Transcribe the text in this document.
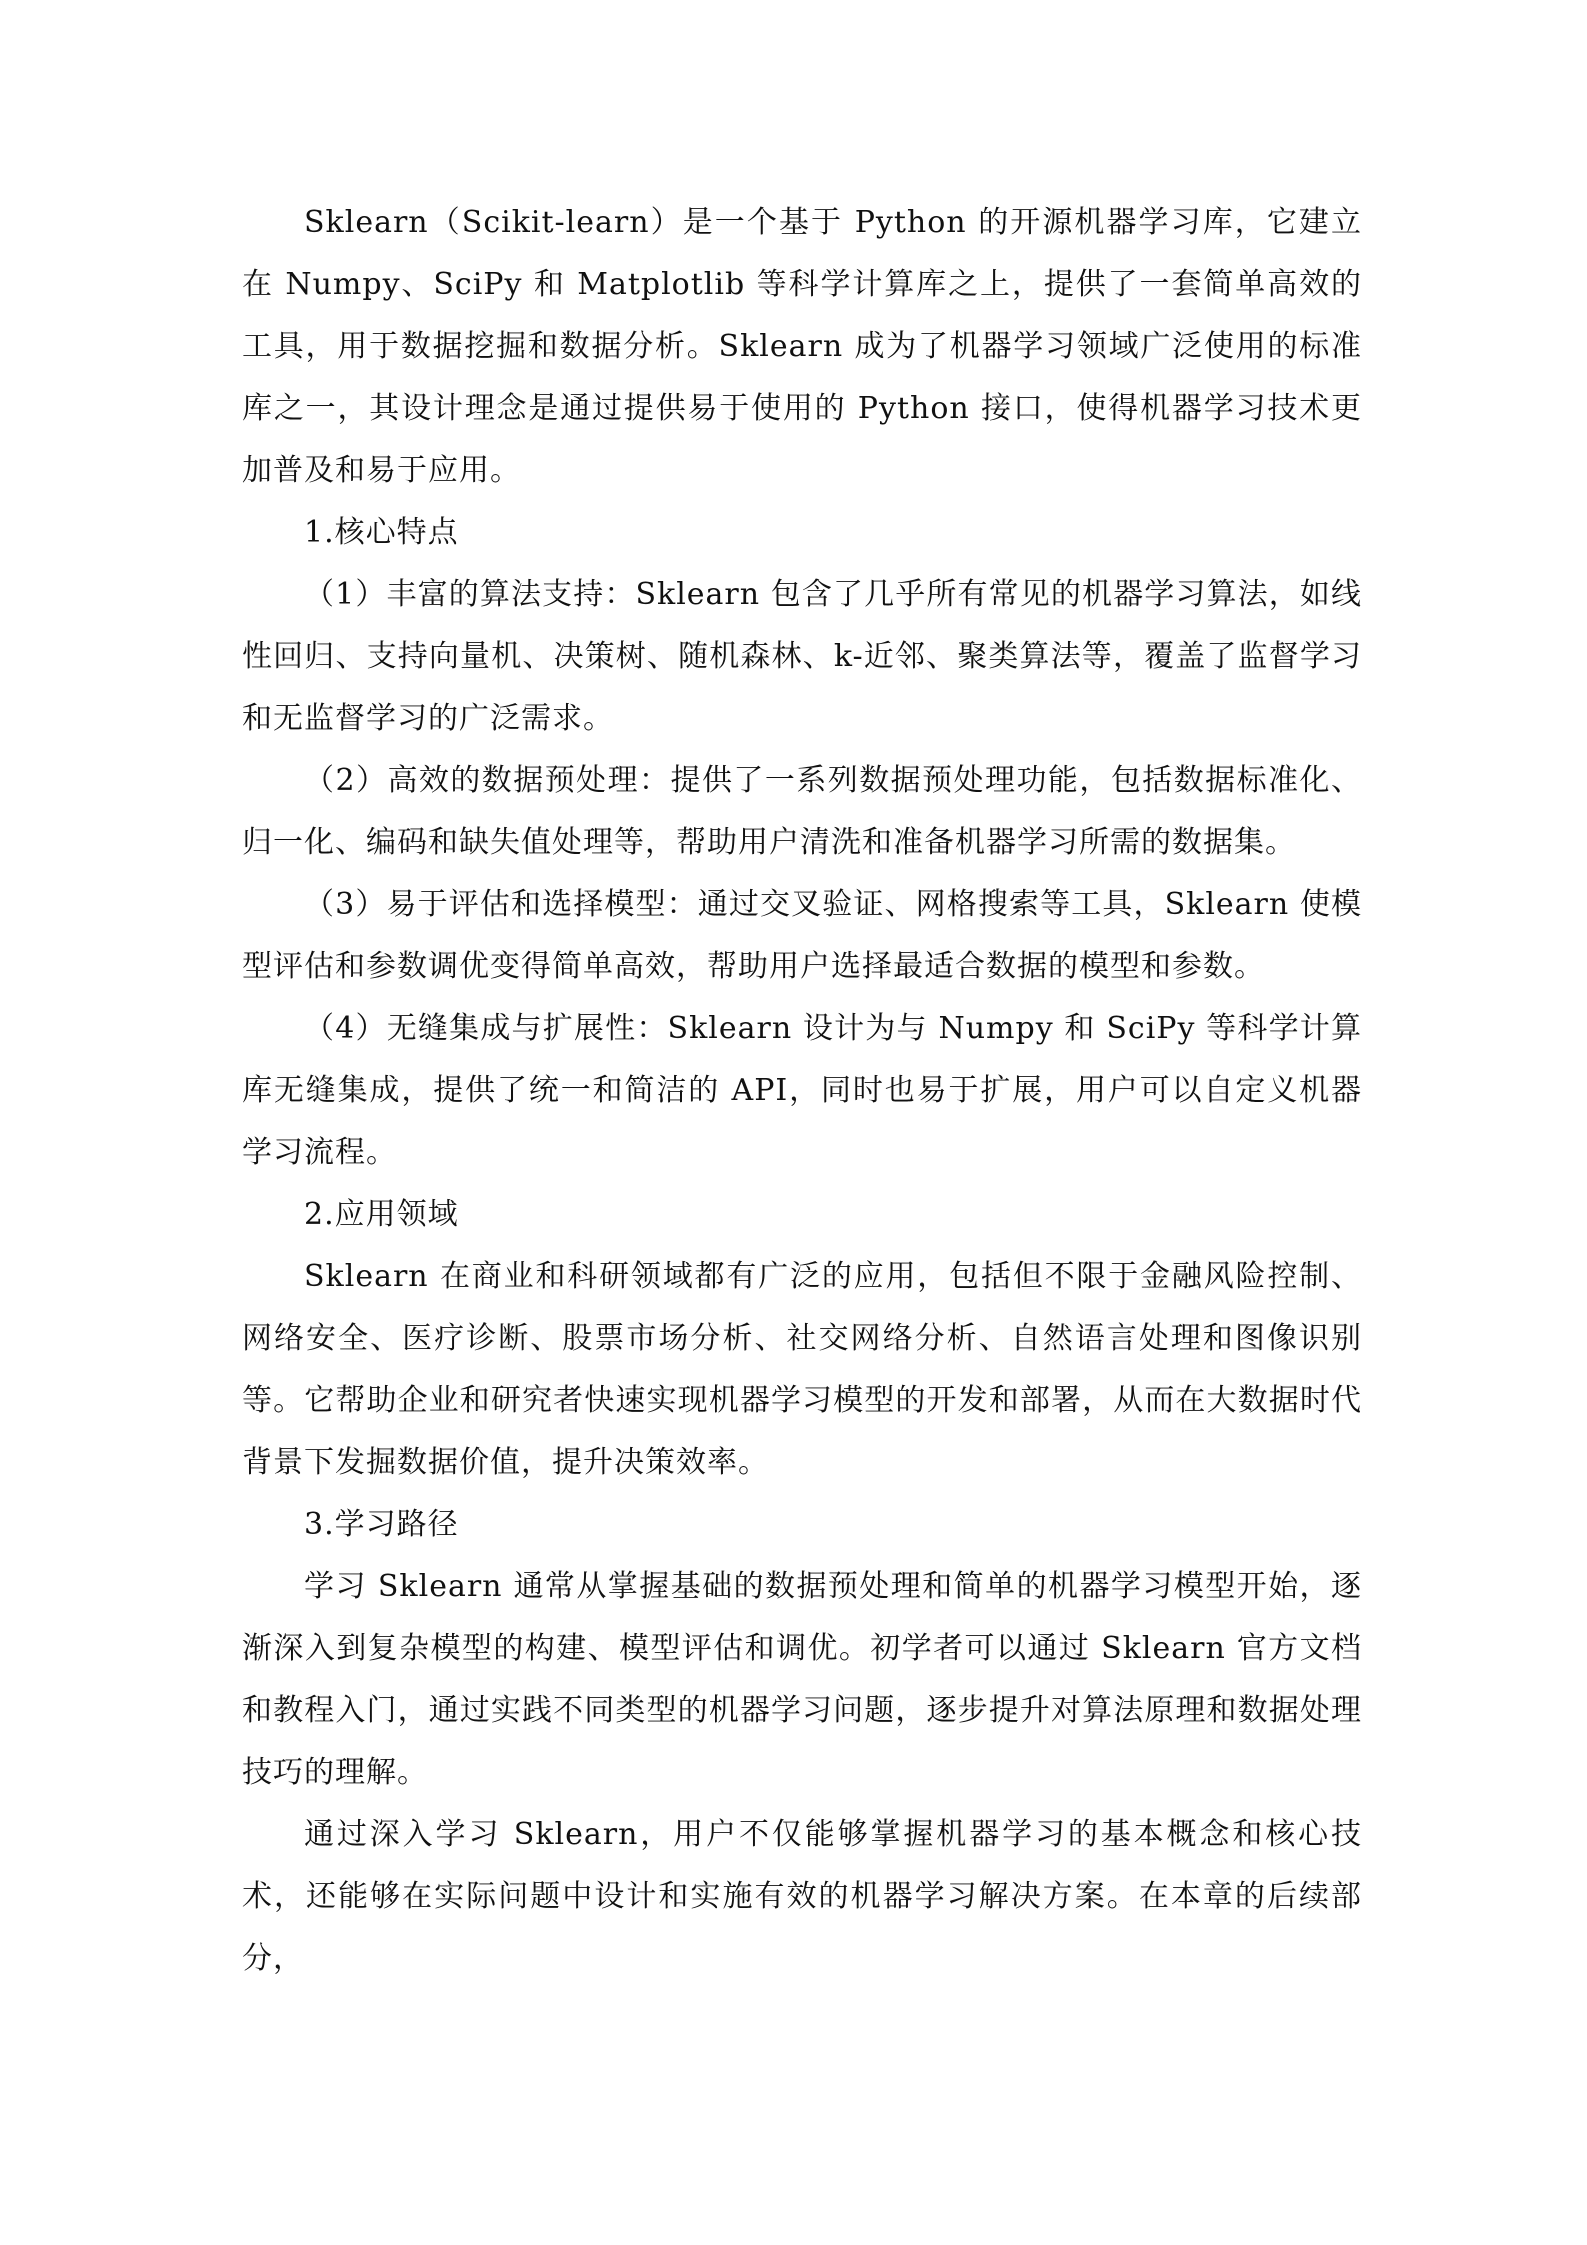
Sklearn（Scikit-learn）是一个基于 Python 的开源机器学习库，它建立在 Numpy、SciPy 和 Matplotlib 等科学计算库之上，提供了一套简单高效的工具，用于数据挖掘和数据分析。Sklearn 成为了机器学习领域广泛使用的标准库之一，其设计理念是通过提供易于使用的 Python 接口，使得机器学习技术更加普及和易于应用。

1.核心特点

（1）丰富的算法支持：Sklearn 包含了几乎所有常见的机器学习算法，如线性回归、支持向量机、决策树、随机森林、k-近邻、聚类算法等，覆盖了监督学习和无监督学习的广泛需求。

（2）高效的数据预处理：提供了一系列数据预处理功能，包括数据标准化、归一化、编码和缺失值处理等，帮助用户清洗和准备机器学习所需的数据集。

（3）易于评估和选择模型：通过交叉验证、网格搜索等工具，Sklearn 使模型评估和参数调优变得简单高效，帮助用户选择最适合数据的模型和参数。

（4）无缝集成与扩展性：Sklearn 设计为与 Numpy 和 SciPy 等科学计算库无缝集成，提供了统一和简洁的 API，同时也易于扩展，用户可以自定义机器学习流程。

2.应用领域

Sklearn 在商业和科研领域都有广泛的应用，包括但不限于金融风险控制、网络安全、医疗诊断、股票市场分析、社交网络分析、自然语言处理和图像识别等。它帮助企业和研究者快速实现机器学习模型的开发和部署，从而在大数据时代背景下发掘数据价值，提升决策效率。

3.学习路径

学习 Sklearn 通常从掌握基础的数据预处理和简单的机器学习模型开始，逐渐深入到复杂模型的构建、模型评估和调优。初学者可以通过 Sklearn 官方文档和教程入门，通过实践不同类型的机器学习问题，逐步提升对算法原理和数据处理技巧的理解。

通过深入学习 Sklearn，用户不仅能够掌握机器学习的基本概念和核心技术，还能够在实际问题中设计和实施有效的机器学习解决方案。在本章的后续部分，
